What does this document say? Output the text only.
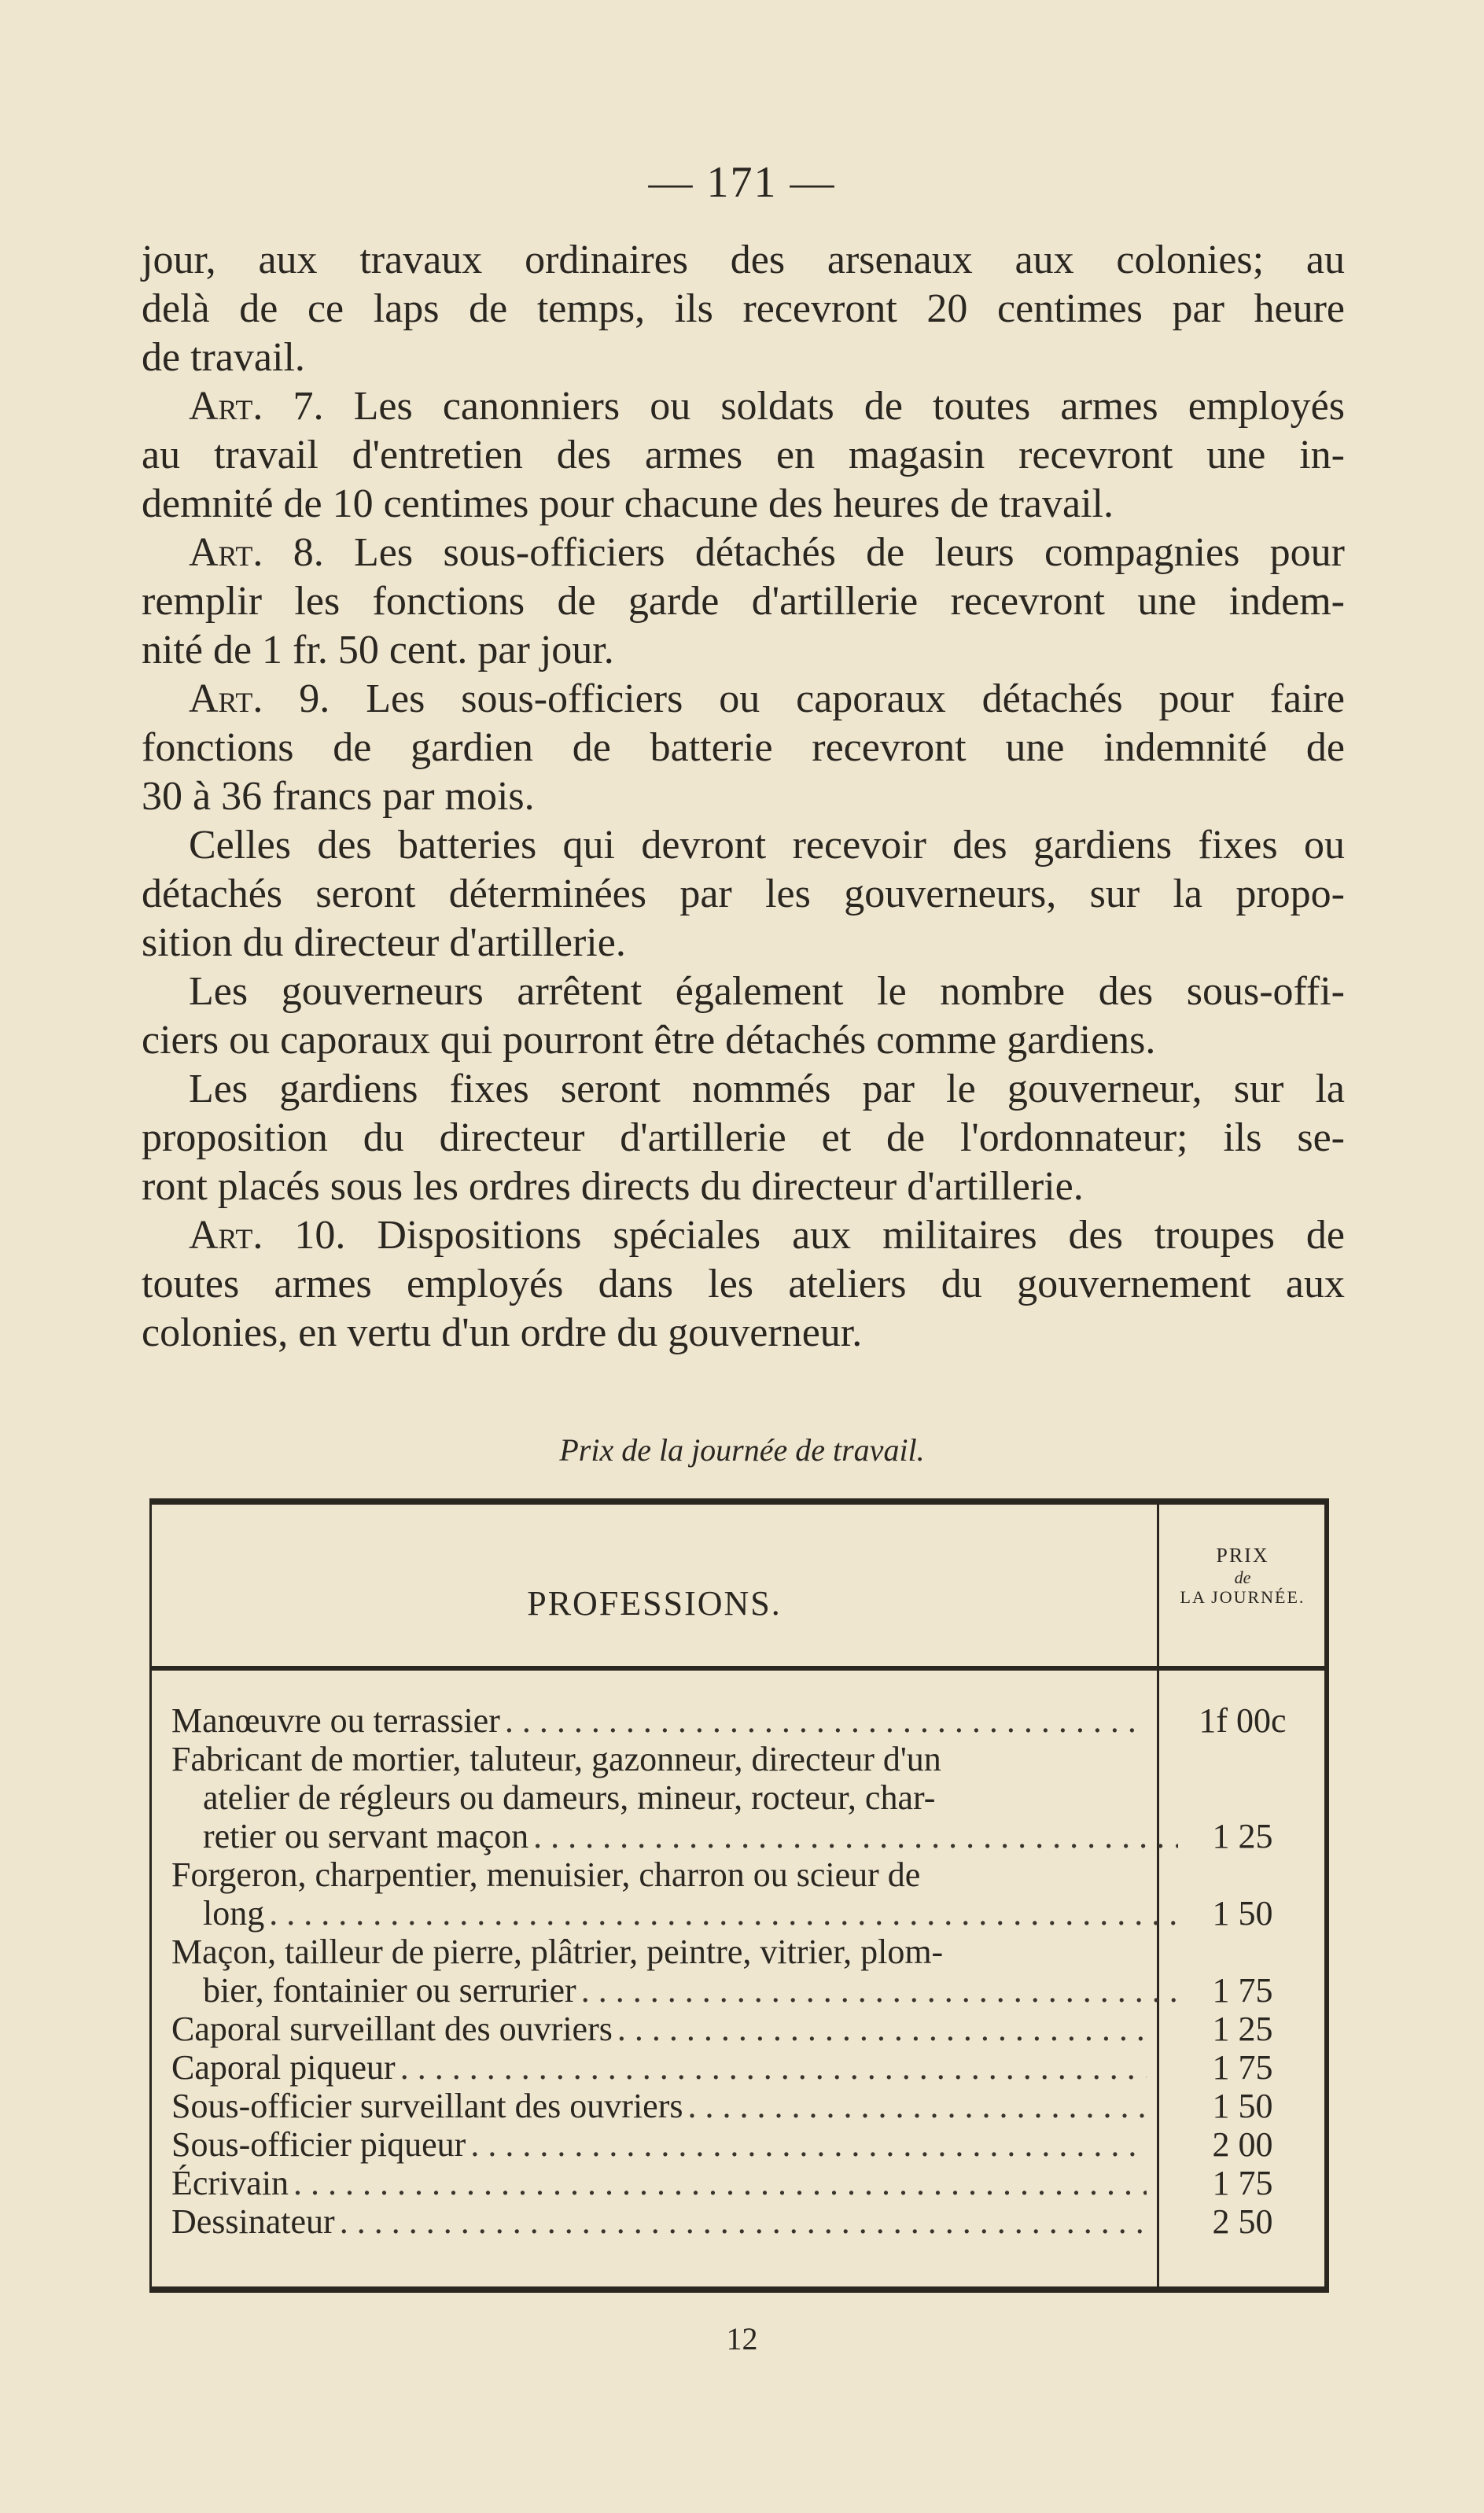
— 171 —
jour, aux travaux ordinaires des arsenaux aux colonies; au
delà de ce laps de temps, ils recevront 20 centimes par heure
de travail.
Art. 7. Les canonniers ou soldats de toutes armes employés
au travail d'entretien des armes en magasin recevront une in-
demnité de 10 centimes pour chacune des heures de travail.
Art. 8. Les sous-officiers détachés de leurs compagnies pour
remplir les fonctions de garde d'artillerie recevront une indem-
nité de 1 fr. 50 cent. par jour.
Art. 9. Les sous-officiers ou caporaux détachés pour faire
fonctions de gardien de batterie recevront une indemnité de
30 à 36 francs par mois.
Celles des batteries qui devront recevoir des gardiens fixes ou
détachés seront déterminées par les gouverneurs, sur la propo-
sition du directeur d'artillerie.
Les gouverneurs arrêtent également le nombre des sous-offi-
ciers ou caporaux qui pourront être détachés comme gardiens.
Les gardiens fixes seront nommés par le gouverneur, sur la
proposition du directeur d'artillerie et de l'ordonnateur; ils se-
ront placés sous les ordres directs du directeur d'artillerie.
Art. 10. Dispositions spéciales aux militaires des troupes de
toutes armes employés dans les ateliers du gouvernement aux
colonies, en vertu d'un ordre du gouverneur.
Prix de la journée de travail.
PROFESSIONS.
PRIX
de
LA JOURNÉE.
Manœuvre ou terrassier . . .	1f 00c
Fabricant de mortier, taluteur, gazonneur, directeur d'un
atelier de régleurs ou dameurs, mineur, rocteur, char-
retier ou servant maçon . . .	1 25
Forgeron, charpentier, menuisier, charron ou scieur de
long . . .	1 50
Maçon, tailleur de pierre, plâtrier, peintre, vitrier, plom-
bier, fontainier ou serrurier . . .	1 75
Caporal surveillant des ouvriers . . .	1 25
Caporal piqueur . . .	1 75
Sous-officier surveillant des ouvriers . . .	1 50
Sous-officier piqueur . . .	2 00
Écrivain . . .	1 75
Dessinateur . . .	2 50
12
